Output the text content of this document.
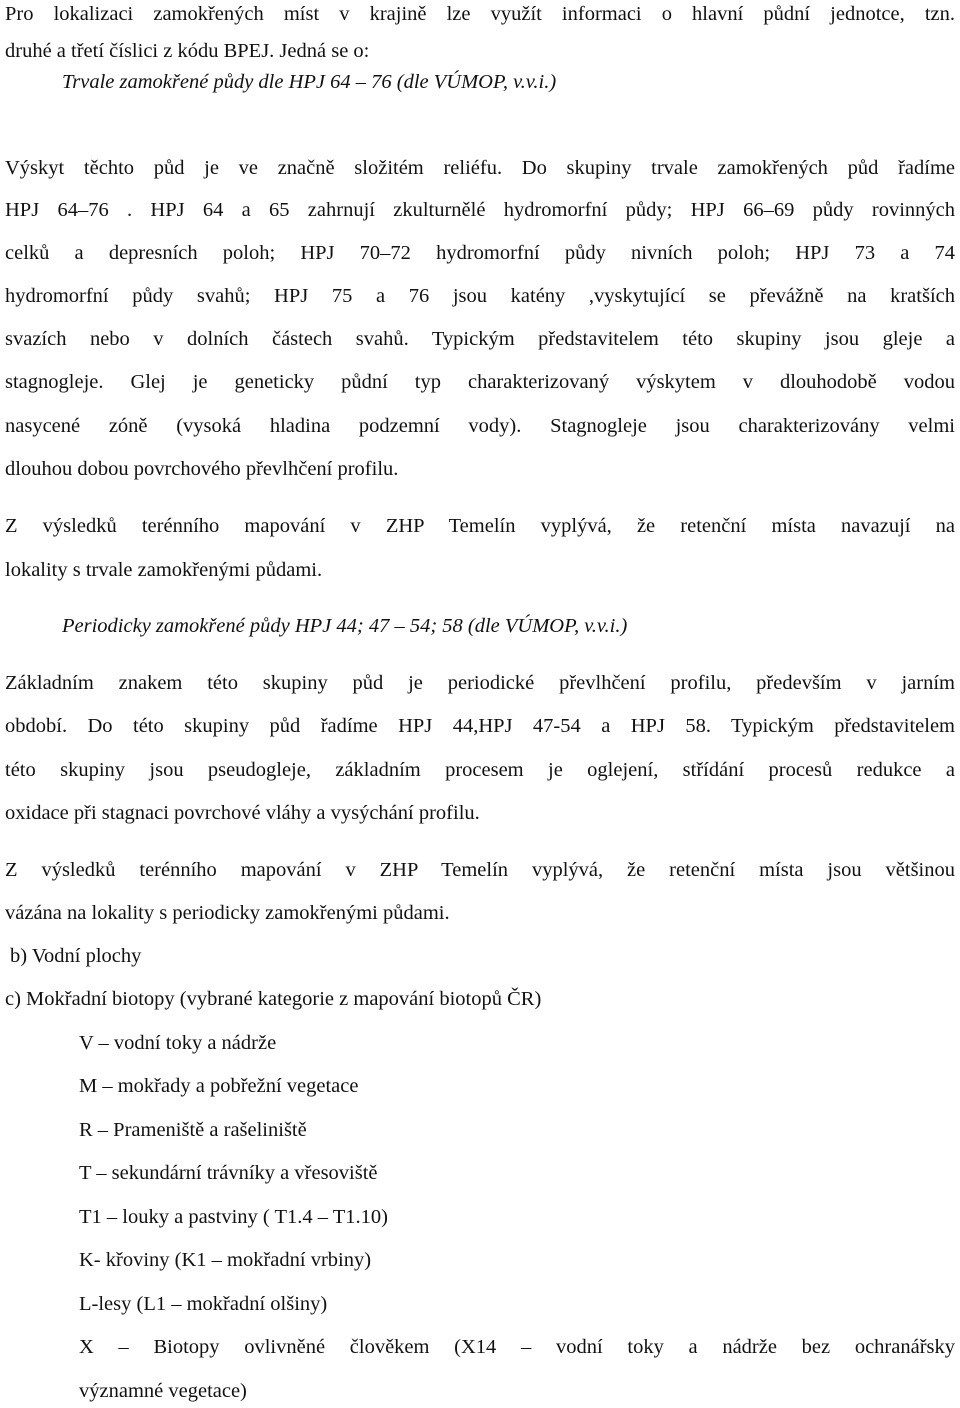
Pro lokalizaci zamokřených míst v krajině lze využít informaci o hlavní půdní jednotce, tzn.
druhé a třetí číslici z kódu BPEJ. Jedná se o:
Trvale zamokřené půdy dle HPJ 64 – 76 (dle VÚMOP, v.v.i.)
Výskyt těchto půd je ve značně složitém reliéfu. Do skupiny trvale zamokřených půd řadíme
HPJ 64–76 . HPJ 64 a 65 zahrnují zkulturnělé hydromorfní půdy; HPJ 66–69 půdy rovinných
celků a depresních poloh; HPJ 70–72 hydromorfní půdy nivních poloh; HPJ 73 a 74
hydromorfní půdy svahů; HPJ 75 a 76 jsou katény ,vyskytující se převážně na kratších
svazích nebo v dolních částech svahů. Typickým představitelem této skupiny jsou gleje a
stagnogleje. Glej je geneticky půdní typ charakterizovaný výskytem v dlouhodobě vodou
nasycené zóně (vysoká hladina podzemní vody). Stagnogleje jsou charakterizovány velmi
dlouhou dobou povrchového převlhčení profilu.
Z výsledků terénního mapování v ZHP Temelín vyplývá, že retenční místa navazují na
lokality s trvale zamokřenými půdami.
Periodicky zamokřené půdy HPJ 44; 47 – 54; 58 (dle VÚMOP, v.v.i.)
Základním znakem této skupiny půd je periodické převlhčení profilu, především v jarním
období. Do této skupiny půd řadíme HPJ 44,HPJ 47-54 a HPJ 58. Typickým představitelem
této skupiny jsou pseudogleje, základním procesem je oglejení, střídání procesů redukce a
oxidace při stagnaci povrchové vláhy a vysýchání profilu.
Z výsledků terénního mapování v ZHP Temelín vyplývá, že retenční místa jsou většinou
vázána na lokality s periodicky zamokřenými půdami.
b) Vodní plochy
c) Mokřadní biotopy (vybrané kategorie z mapování biotopů ČR)
V – vodní toky a nádrže
M – mokřady a pobřežní vegetace
R – Prameniště a rašeliniště
T – sekundární trávníky a vřesoviště
T1 – louky a pastviny ( T1.4 – T1.10)
K- křoviny (K1 – mokřadní vrbiny)
L-lesy (L1 – mokřadní olšiny)
X – Biotopy ovlivněné člověkem (X14 – vodní toky a nádrže bez ochranářsky
významné vegetace)
